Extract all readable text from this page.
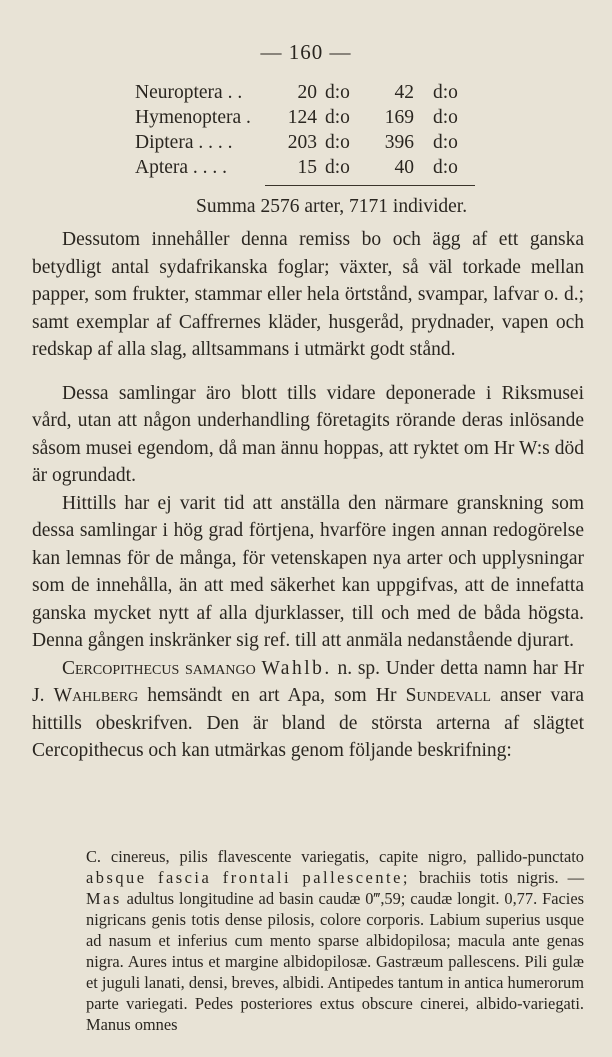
— 160 —
Neuroptera . .	20 d:o	42 d:o
Hymenoptera . 124 d:o 169 d:o
Diptera . . . .	203 d:o 396 d:o
Aptera . . . .	15 d:o	40 d:o
Summa 2576 arter, 7171 individer.

Dessutom innehåller denna remiss bo och ägg af ett ganska betydligt antal sydafrikanska foglar; växter, så väl torkade mellan papper, som frukter, stammar eller hela örtstånd, svampar, lafvar o. d.; samt exemplar af Caffrernes kläder, husgeråd, prydnader, vapen och redskap af alla slag, alltsammans i utmärkt godt stånd.

Dessa samlingar äro blott tills vidare deponerade i Riksmusei vård, utan att någon underhandling företagits rörande deras inlösande såsom musei egendom, då man ännu hoppas, att ryktet om Hr W:s död är ogrundadt.

Hittills har ej varit tid att anställa den närmare granskning som dessa samlingar i hög grad förtjena, hvarföre ingen annan redogörelse kan lemnas för de många, för vetenskapen nya arter och upplysningar som de innehålla, än att med säkerhet kan uppgifvas, att de innefatta ganska mycket nytt af alla djurklasser, till och med de båda högsta. Denna gången inskränker sig ref. till att anmäla nedanstående djurart.

Cercopithecus samango Wahlb. n. sp. Under detta namn har Hr J. Wahlberg hemsändt en art Apa, som Hr Sundevall anser vara hittills obeskrifven. Den är bland de största arterna af slägtet Cercopithecus och kan utmärkas genom följande beskrifning:

C. cinereus, pilis flavescente variegatis, capite nigro, pallido-punctato absque fascia frontali pallescente; brachiis totis nigris. — Mas adultus longitudine ad basin caudæ 0‴,59; caudæ longit. 0,77. Facies nigricans genis totis dense pilosis, colore corporis. Labium superius usque ad nasum et inferius cum mento sparse albidopilosa; macula ante genas nigra. Aures intus et margine albidopilosæ. Gastræum pallescens. Pili gulæ et juguli lanati, densi, breves, albidi. Antipedes tantum in antica humerorum parte variegati. Pedes posteriores extus obscure cinerei, albido-variegati. Manus omnes
